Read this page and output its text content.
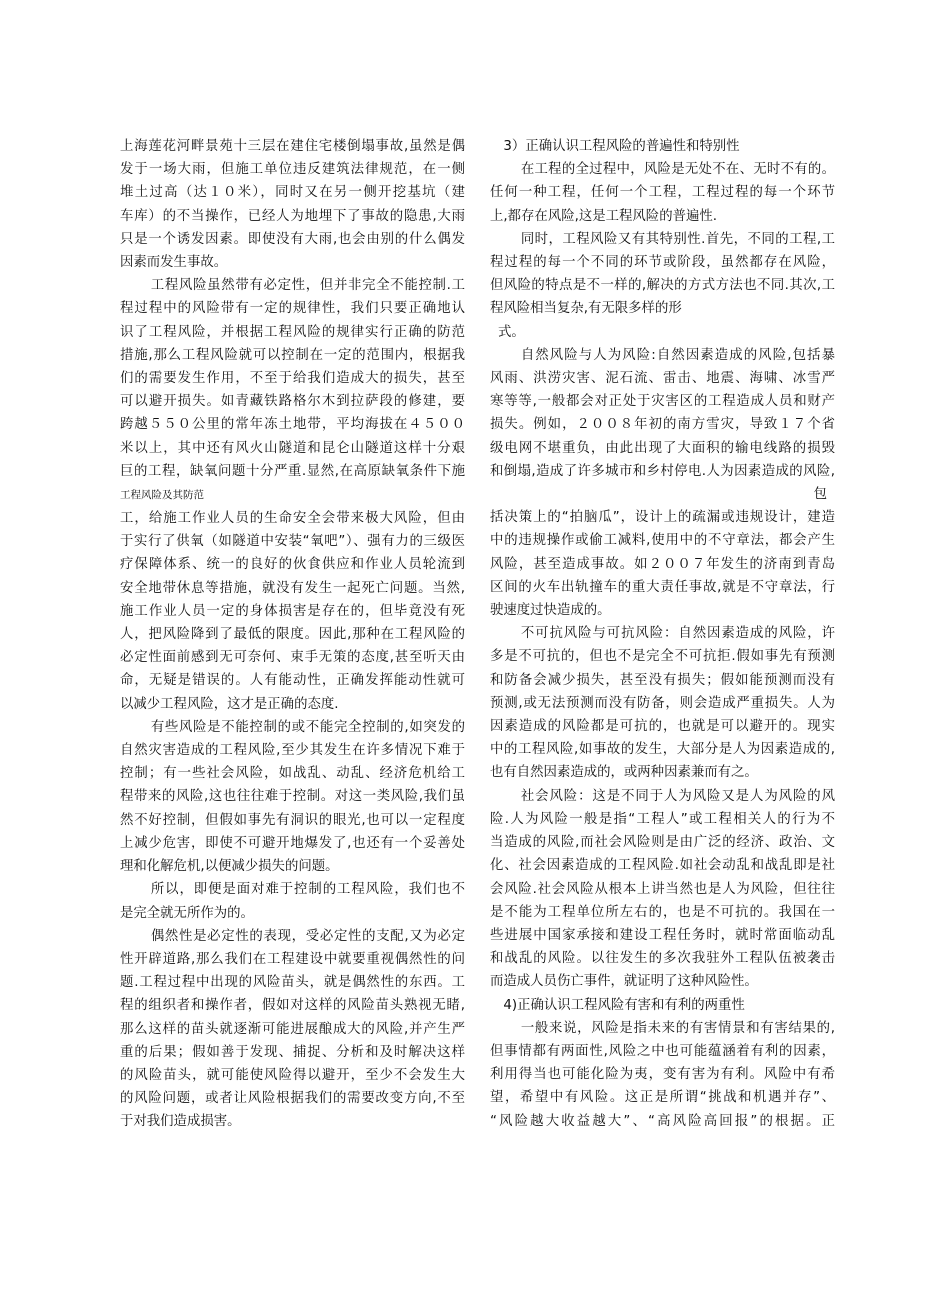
上海莲花河畔景苑十三层在建住宅楼倒塌事故,虽然是偶
发于一场大雨，但施工单位违反建筑法律规范，在一侧
堆土过高（达１０米），同时又在另一侧开挖基坑（建
车库）的不当操作，已经人为地埋下了事故的隐患,大雨
只是一个诱发因素。即使没有大雨,也会由别的什么偶发
因素而发生事故。

工程风险虽然带有必定性，但并非完全不能控制.工
程过程中的风险带有一定的规律性，我们只要正确地认
识了工程风险，并根据工程风险的规律实行正确的防范
措施,那么工程风险就可以控制在一定的范围内，根据我
们的需要发生作用，不至于给我们造成大的损失，甚至
可以避开损失。如青藏铁路格尔木到拉萨段的修建，要
跨越５５０公里的常年冻土地带，平均海拔在４５００
米以上，其中还有风火山隧道和昆仑山隧道这样十分艰
巨的工程，缺氧问题十分严重.显然,在高原缺氧条件下施

工程风险及其防范

工，给施工作业人员的生命安全会带来极大风险，但由
于实行了供氧（如隧道中安装“氧吧”）、强有力的三级医
疗保障体系、统一的良好的伙食供应和作业人员轮流到
安全地带休息等措施，就没有发生一起死亡问题。当然,
施工作业人员一定的身体损害是存在的，但毕竟没有死
人，把风险降到了最低的限度。因此,那种在工程风险的
必定性面前感到无可奈何、束手无策的态度,甚至听天由
命，无疑是错误的。人有能动性，正确发挥能动性就可
以减少工程风险，这才是正确的态度.

有些风险是不能控制的或不能完全控制的,如突发的
自然灾害造成的工程风险,至少其发生在许多情况下难于
控制；有一些社会风险，如战乱、动乱、经济危机给工
程带来的风险,这也往往难于控制。对这一类风险,我们虽
然不好控制，但假如事先有洞识的眼光,也可以一定程度
上减少危害，即使不可避开地爆发了,也还有一个妥善处
理和化解危机,以便减少损失的问题。

所以，即便是面对难于控制的工程风险，我们也不
是完全就无所作为的。

偶然性是必定性的表现，受必定性的支配,又为必定
性开辟道路,那么我们在工程建设中就要重视偶然性的问
题.工程过程中出现的风险苗头，就是偶然性的东西。工
程的组织者和操作者，假如对这样的风险苗头熟视无睹,
那么这样的苗头就逐渐可能进展酿成大的风险,并产生严
重的后果；假如善于发现、捕捉、分析和及时解决这样
的风险苗头，就可能使风险得以避开，至少不会发生大
的风险问题，或者让风险根据我们的需要改变方向,不至
于对我们造成损害。

3）正确认识工程风险的普遍性和特别性

在工程的全过程中，风险是无处不在、无时不有的。
任何一种工程，任何一个工程，工程过程的每一个环节
上,都存在风险,这是工程风险的普遍性.

同时，工程风险又有其特别性.首先，不同的工程,工
程过程的每一个不同的环节或阶段，虽然都存在风险，
但风险的特点是不一样的,解决的方式方法也不同.其次,工
程风险相当复杂,有无限多样的形
式。

自然风险与人为风险:自然因素造成的风险,包括暴
风雨、洪涝灾害、泥石流、雷击、地震、海啸、冰雪严
寒等等,一般都会对正处于灾害区的工程造成人员和财产
损失。例如，２００８年初的南方雪灾，导致１７个省
级电网不堪重负，由此出现了大面积的输电线路的损毁
和倒塌,造成了许多城市和乡村停电.人为因素造成的风险,
包

括决策上的“拍脑瓜”，设计上的疏漏或违规设计，建造
中的违规操作或偷工减料,使用中的不守章法，都会产生
风险，甚至造成事故。如２００７年发生的济南到青岛
区间的火车出轨撞车的重大责任事故,就是不守章法，行
驶速度过快造成的。

不可抗风险与可抗风险：自然因素造成的风险，许
多是不可抗的，但也不是完全不可抗拒.假如事先有预测
和防备会减少损失，甚至没有损失；假如能预测而没有
预测,或无法预测而没有防备，则会造成严重损失。人为
因素造成的风险都是可抗的，也就是可以避开的。现实
中的工程风险,如事故的发生，大部分是人为因素造成的,
也有自然因素造成的，或两种因素兼而有之。

社会风险：这是不同于人为风险又是人为风险的风
险.人为风险一般是指“工程人”或工程相关人的行为不
当造成的风险,而社会风险则是由广泛的经济、政治、文
化、社会因素造成的工程风险.如社会动乱和战乱即是社
会风险.社会风险从根本上讲当然也是人为风险，但往往
是不能为工程单位所左右的，也是不可抗的。我国在一
些进展中国家承接和建设工程任务时，就时常面临动乱
和战乱的风险。以往发生的多次我驻外工程队伍被袭击
而造成人员伤亡事件，就证明了这种风险性。

4)正确认识工程风险有害和有利的两重性

一般来说，风险是指未来的有害情景和有害结果的,
但事情都有两面性,风险之中也可能蕴涵着有利的因素，
利用得当也可能化险为夷，变有害为有利。风险中有希
望，希望中有风险。这正是所谓“挑战和机遇并存”、
“风险越大收益越大”、“高风险高回报”的根据。正
